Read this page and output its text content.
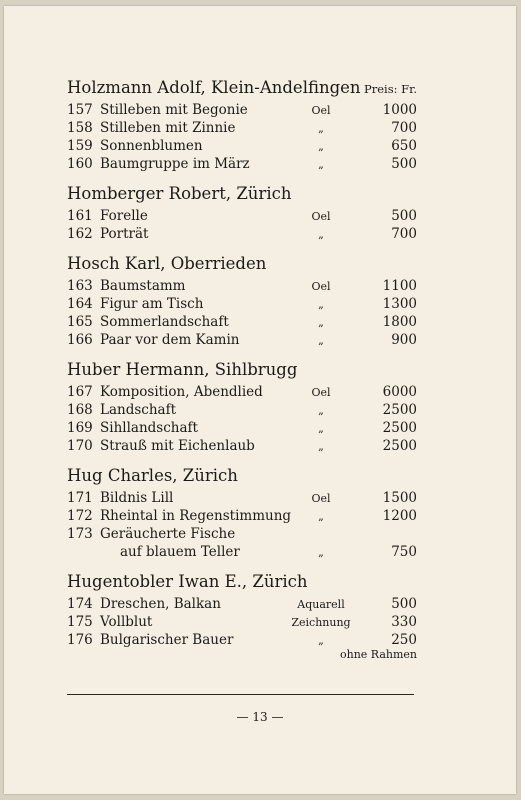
Holzmann Adolf, Klein-Andelfingen Preis: Fr.
157 Stilleben mit Begonie	Oel	1000
158 Stilleben mit Zinnie	„	700
159 Sonnenblumen	„	650
160 Baumgruppe im März	„	500
Homberger Robert, Zürich
161 Forelle	Oel	500
162 Porträt	„	700
Hosch Karl, Oberrieden
163 Baumstamm	Oel	1100
164 Figur am Tisch	„	1300
165 Sommerlandschaft	„	1800
166 Paar vor dem Kamin	„	900
Huber Hermann, Sihlbrugg
167 Komposition, Abendlied	Oel	6000
168 Landschaft	„	2500
169 Sihllandschaft	„	2500
170 Strauß mit Eichenlaub	„	2500
Hug Charles, Zürich
171 Bildnis Lill	Oel	1500
172 Rheintal in Regenstimmung	„	1200
173 Geräucherte Fische
auf blauem Teller	„	750
Hugentobler Iwan E., Zürich
174 Dreschen, Balkan	Aquarell	500
175 Vollblut	Zeichnung	330
176 Bulgarischer Bauer	„	250
ohne Rahmen
— 13 —
